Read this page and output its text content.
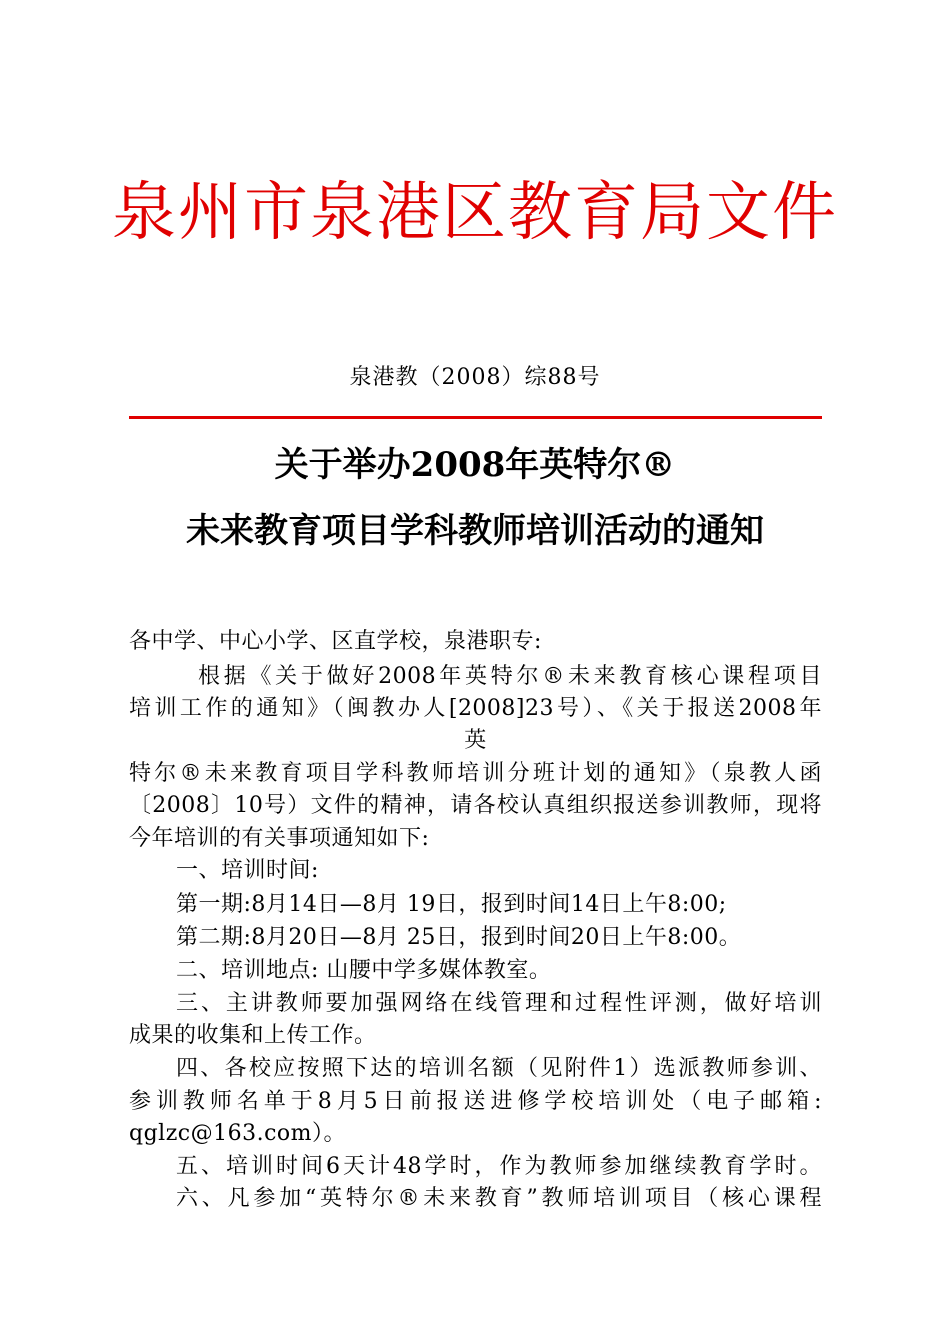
泉州市泉港区教育局文件
泉港教（2008）综88号
关于举办2008年英特尔®
未来教育项目学科教师培训活动的通知
各中学、中心小学、区直学校，泉港职专:
根据《关于做好2008年英特尔®未来教育核心课程项目
培训工作的通知》（闽教办人[2008]23号）、《关于报送2008年
英
特尔®未来教育项目学科教师培训分班计划的通知》（泉教人函
〔2008〕10号）文件的精神，请各校认真组织报送参训教师，现将
今年培训的有关事项通知如下:
一、培训时间:
第一期:8月14日—8月 19日，报到时间14日上午8:00;
第二期:8月20日—8月 25日，报到时间20日上午8:00。
二、培训地点: 山腰中学多媒体教室。
三、主讲教师要加强网络在线管理和过程性评测，做好培训
成果的收集和上传工作。
四、各校应按照下达的培训名额（见附件1）选派教师参训、
参训教师名单于8月5日前报送进修学校培训处（电子邮箱:
qglzc@163.com）。
五、培训时间6天计48学时，作为教师参加继续教育学时。
六、凡参加“英特尔®未来教育”教师培训项目（核心课程
